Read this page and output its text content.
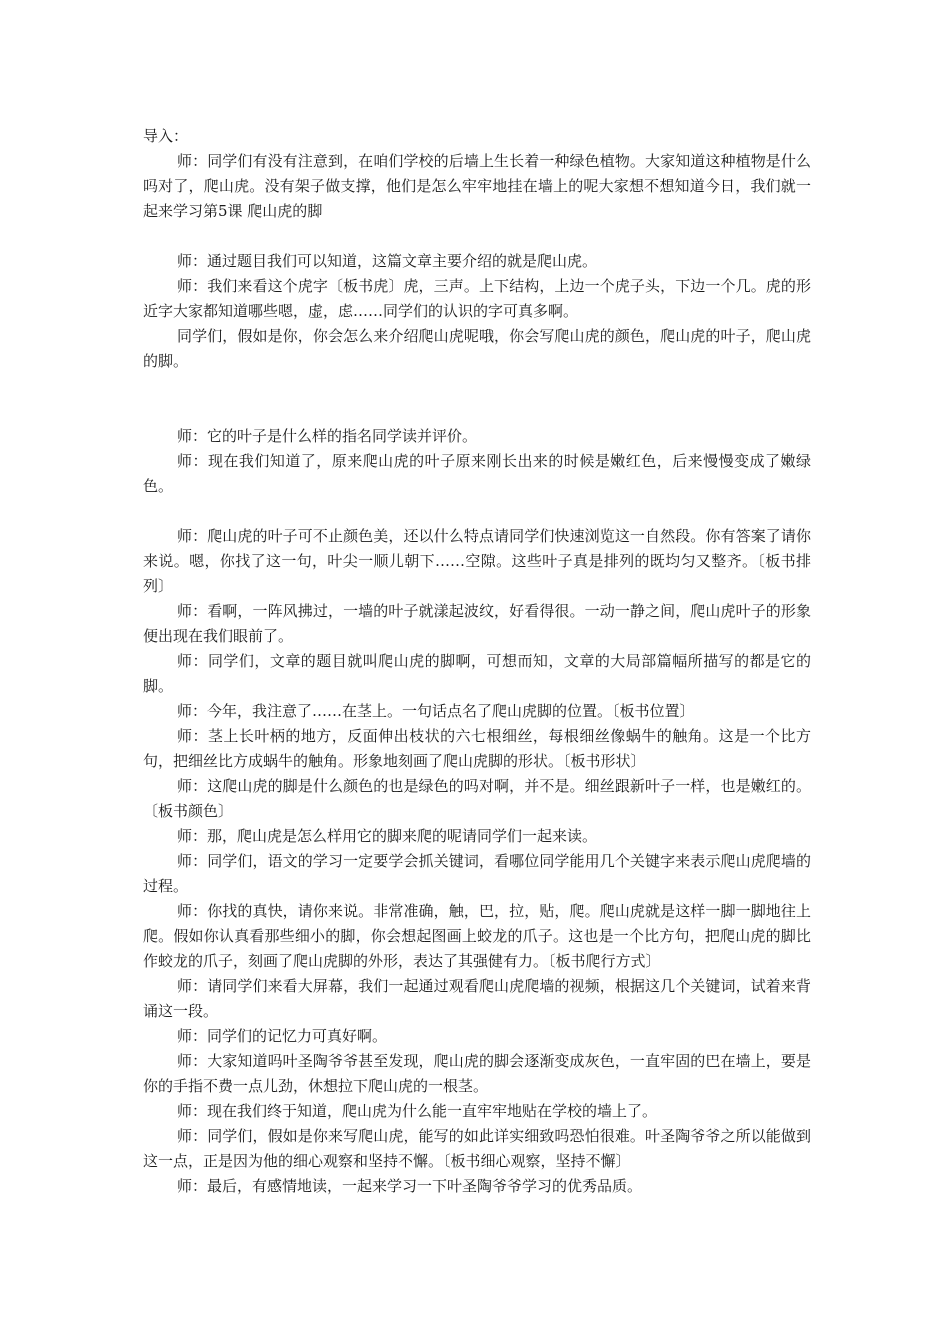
导入：

师：同学们有没有注意到，在咱们学校的后墙上生长着一种绿色植物。大家知道这种植物是什么吗对了，爬山虎。没有架子做支撑，他们是怎么牢牢地挂在墙上的呢大家想不想知道今日，我们就一起来学习第5课 爬山虎的脚

师：通过题目我们可以知道，这篇文章主要介绍的就是爬山虎。

师：我们来看这个虎字〔板书虎〕虎，三声。上下结构，上边一个虎子头，下边一个几。虎的形近字大家都知道哪些嗯，虚，虑……同学们的认识的字可真多啊。

同学们，假如是你，你会怎么来介绍爬山虎呢哦，你会写爬山虎的颜色，爬山虎的叶子，爬山虎的脚。

师：它的叶子是什么样的指名同学读并评价。

师：现在我们知道了，原来爬山虎的叶子原来刚长出来的时候是嫩红色，后来慢慢变成了嫩绿色。

师：爬山虎的叶子可不止颜色美，还以什么特点请同学们快速浏览这一自然段。你有答案了请你来说。嗯，你找了这一句，叶尖一顺儿朝下……空隙。这些叶子真是排列的既均匀又整齐。〔板书排列〕

师：看啊，一阵风拂过，一墙的叶子就漾起波纹，好看得很。一动一静之间，爬山虎叶子的形象便出现在我们眼前了。

师：同学们，文章的题目就叫爬山虎的脚啊，可想而知，文章的大局部篇幅所描写的都是它的脚。

师：今年，我注意了……在茎上。一句话点名了爬山虎脚的位置。〔板书位置〕

师：茎上长叶柄的地方，反面伸出枝状的六七根细丝，每根细丝像蜗牛的触角。这是一个比方句，把细丝比方成蜗牛的触角。形象地刻画了爬山虎脚的形状。〔板书形状〕

师：这爬山虎的脚是什么颜色的也是绿色的吗对啊，并不是。细丝跟新叶子一样，也是嫩红的。〔板书颜色〕

师：那，爬山虎是怎么样用它的脚来爬的呢请同学们一起来读。

师：同学们，语文的学习一定要学会抓关键词，看哪位同学能用几个关键字来表示爬山虎爬墙的过程。

师：你找的真快，请你来说。非常准确，触，巴，拉，贴，爬。爬山虎就是这样一脚一脚地往上爬。假如你认真看那些细小的脚，你会想起图画上蛟龙的爪子。这也是一个比方句，把爬山虎的脚比作蛟龙的爪子，刻画了爬山虎脚的外形，表达了其强健有力。〔板书爬行方式〕

师：请同学们来看大屏幕，我们一起通过观看爬山虎爬墙的视频，根据这几个关键词，试着来背诵这一段。

师：同学们的记忆力可真好啊。

师：大家知道吗叶圣陶爷爷甚至发现，爬山虎的脚会逐渐变成灰色，一直牢固的巴在墙上，要是你的手指不费一点儿劲，休想拉下爬山虎的一根茎。

师：现在我们终于知道，爬山虎为什么能一直牢牢地贴在学校的墙上了。

师：同学们，假如是你来写爬山虎，能写的如此详实细致吗恐怕很难。叶圣陶爷爷之所以能做到这一点，正是因为他的细心观察和坚持不懈。〔板书细心观察，坚持不懈〕

师：最后，有感情地读，一起来学习一下叶圣陶爷爷学习的优秀品质。
